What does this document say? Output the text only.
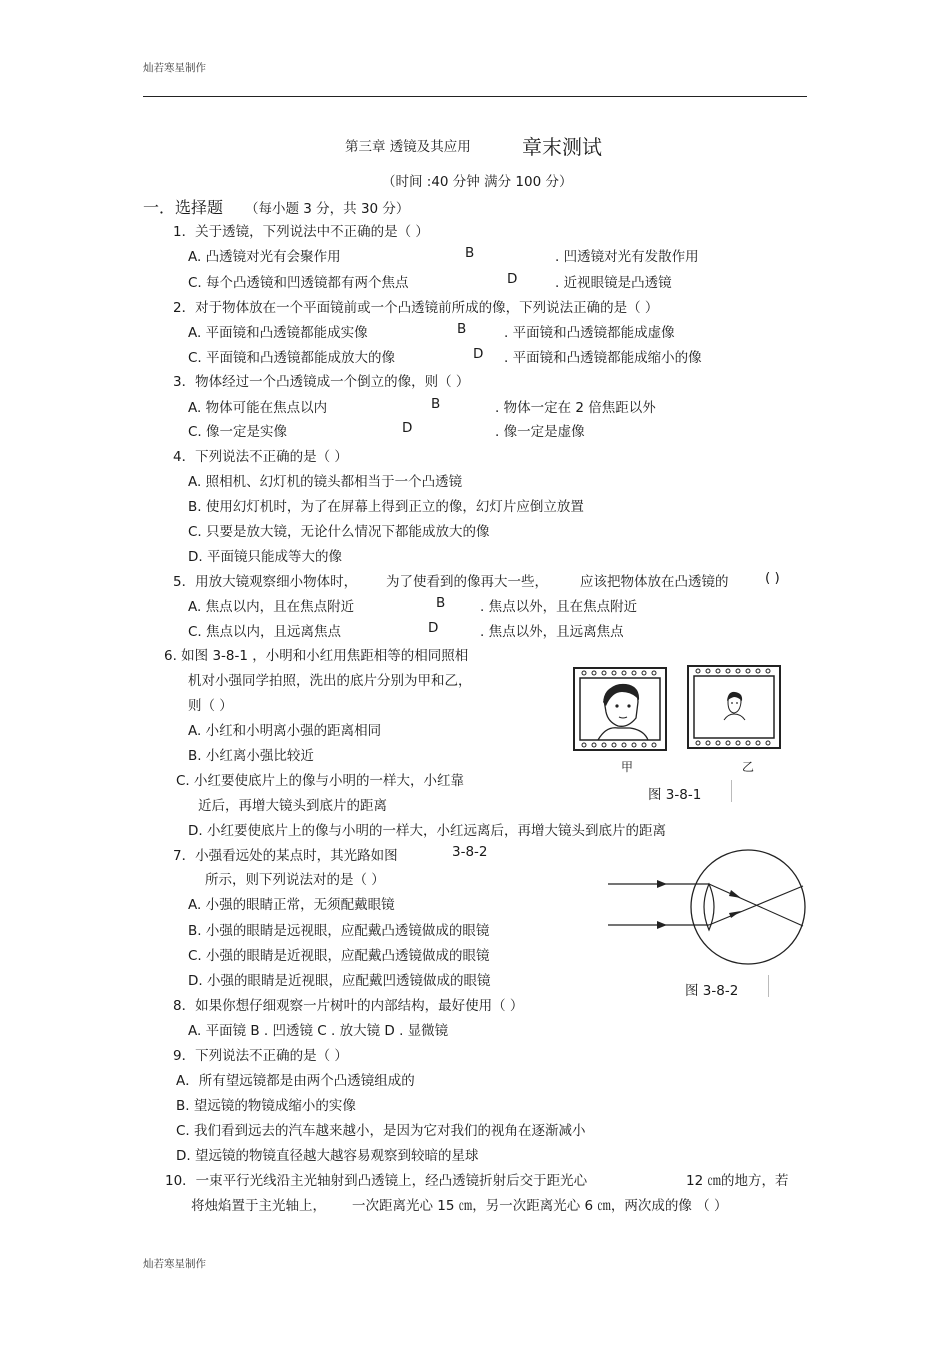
灿若寒星制作
第三章 透镜及其应用	章末测试
（时间 :40 分钟 满分 100 分）
一．选择题 （每小题 3 分，共 30 分）
1．关于透镜，下列说法中不正确的是（ ）
A. 凸透镜对光有会聚作用	B	. 凹透镜对光有发散作用
C. 每个凸透镜和凹透镜都有两个焦点	D	. 近视眼镜是凸透镜
2．对于物体放在一个平面镜前或一个凸透镜前所成的像，下列说法正确的是（ ）
A. 平面镜和凸透镜都能成实像	B	. 平面镜和凸透镜都能成虚像
C. 平面镜和凸透镜都能成放大的像	D . 平面镜和凸透镜都能成缩小的像
3．物体经过一个凸透镜成一个倒立的像，则（ ）
A. 物体可能在焦点以内	B	. 物体一定在 2 倍焦距以外
C. 像一定是实像	D	. 像一定是虚像
4．下列说法不正确的是（ ）
A. 照相机、幻灯机的镜头都相当于一个凸透镜
B. 使用幻灯机时，为了在屏幕上得到正立的像，幻灯片应倒立放置
C. 只要是放大镜，无论什么情况下都能成放大的像
D. 平面镜只能成等大的像
5．用放大镜观察细小物体时， 为了使看到的像再大一些， 应该把物体放在凸透镜的	( )
A. 焦点以内，且在焦点附近	B	. 焦点以外，且在焦点附近
C. 焦点以内，且远离焦点	D	. 焦点以外，且远离焦点
6. 如图 3-8-1 ，小明和小红用焦距相等的相同照相
机对小强同学拍照，洗出的底片分别为甲和乙，
则（ ）
A. 小红和小明离小强的距离相同
B. 小红离小强比较近
C. 小红要使底片上的像与小明的一样大，小红靠
近后，再增大镜头到底片的距离
D. 小红要使底片上的像与小明的一样大，小红远离后，再增大镜头到底片的距离
甲	乙
图 3-8-1
7．小强看远处的某点时，其光路如图	3-8-2
所示，则下列说法对的是（ ）
A. 小强的眼睛正常，无须配戴眼镜
B. 小强的眼睛是远视眼，应配戴凸透镜做成的眼镜
C. 小强的眼睛是近视眼，应配戴凸透镜做成的眼镜
D. 小强的眼睛是近视眼，应配戴凹透镜做成的眼镜
图 3-8-2
8．如果你想仔细观察一片树叶的内部结构，最好使用（ ）
A. 平面镜 B . 凹透镜 C . 放大镜 D . 显微镜
9．下列说法不正确的是（ ）
A．所有望远镜都是由两个凸透镜组成的
B. 望远镜的物镜成缩小的实像
C. 我们看到远去的汽车越来越小，是因为它对我们的视角在逐渐减小
D. 望远镜的物镜直径越大越容易观察到较暗的星球
10．一束平行光线沿主光轴射到凸透镜上，经凸透镜折射后交于距光心	12 ㎝的地方，若
将烛焰置于主光轴上， 一次距离光心 15 ㎝，另一次距离光心 6 ㎝，两次成的像 （ ）
灿若寒星制作
